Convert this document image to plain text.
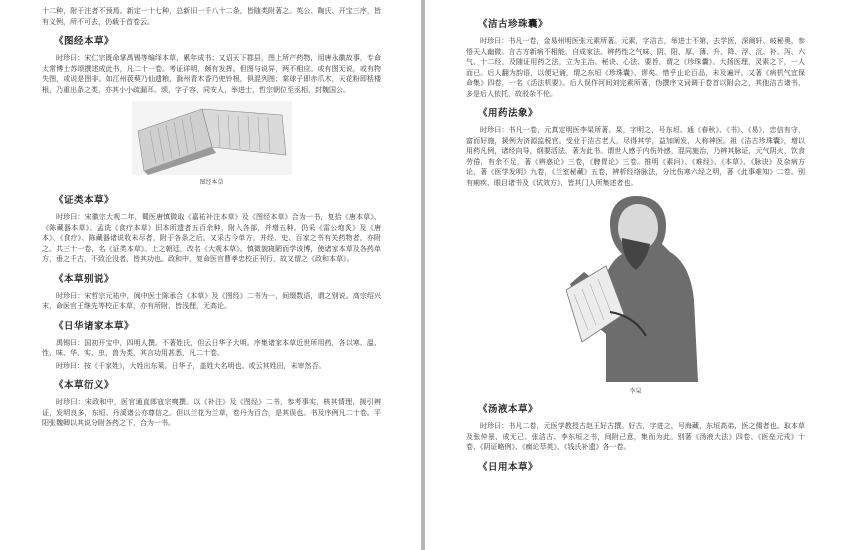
十二种，附于注者不预焉。新定一十七种，总新旧一千八十二条，皆随类附著之。英公、陶氏、开宝三序，皆有义例，所不可去，仍载于首卷云。

《图经本草》

时珍曰：宋仁宗既命掌禹锡等编绎本草，累年成书；又诏天下郡县，图上所产药物，用唐永徽故事，专命太常博士苏颂撰述成此书，凡二十一卷。考证详明，颇有发挥。但图与说异，两不相应。或有图无说，或有物失图，或说是图非。如江州菝葜乃仙遗粮，滁州青木香乃兜铃根，俱混列图；棠球子即赤爪木，天花粉即栝楼根，乃重出条之类，亦其小小疏漏耳。颂，字子容，同安人，举进士，哲宗朝位至丞相，封魏国公。

图经本草
《证类本草》

时珍曰：宋徽宗大观二年，蜀医唐慎微取《嘉祐补注本草》及《图经本草》合为一书，复拾《唐本草》、《陈藏器本草》、孟诜《食疗本草》旧本所遗者五百余种，附入各部，并增五种。仍采《雷公炮炙》及《唐本》、《食疗》、陈藏器诸说收未尽者，附于各条之后。又采古今单方，并经、史、百家之书有关药物者，亦附之。共三十一卷，名《证类本草》。上之朝廷，改名《大观本草》。慎微貌寝陋而学该博，使诸家本草及各药单方，垂之千古，不致沦没者，皆其功也。政和中，复命医官曹孝忠校正刊行，故又谓之《政和本草》。

《本草别说》

时珍曰：宋哲宗元祐中，阆中医士陈承合《本草》及《图经》二书为一，间缀数语，谓之别说。高宗绍兴末，命医官王继先等校正本草，亦有所附，皆浅俚，无高论。

《日华诸家本草》

禹锡曰：国初开宝中，四明人撰。不著姓氏，但云日华子大明。序集诸家本草近世所用药，各以寒、温、性、味、华、实、虫、兽为类，其言功用甚悉，凡二十卷。

时珍曰：按《千家姓》，大姓出东莱。日华子，盖姓大名明也。或云其姓田，未审然否。

《本草衍义》

时珍曰：宋政和中，医官通直郎寇宗奭撰。以《补注》及《图经》二书，参考事实，核其情理，援引辨证，发明良多，东垣、丹溪诸公亦尊信之。但以兰花为兰草，卷丹为百合，是其误也。书及序例凡二十卷。平阳张魏卿以其说分附各药之下，合为一书。

《洁古珍珠囊》

时珍曰：书凡一卷，金易州明医张元素所著。元素，字洁古，举进士不第，去学医，深阐轩、岐秘奥，参悟天人幽微。言古方新病不相能，自成家法。辨药性之气味、阴、阳、厚、薄、升、降、浮、沉、补、泻、六气、十二经，及随证用药之法，立为主治、秘诀、心法、要旨，谓之《珍珠囊》。大扬医理，灵素之下，一人而已。后人翻为韵语，以便记诵，谓之东垣《珍珠囊》，谬矣。惜乎止论百品，未及遍评。又著《病机气宜保命集》四卷，一名《活法机要》。后人误作河间刘完素所著，伪撰序文词调于卷首以附会之，其他洁古诸书，多是后人依托，故驳杂不伦。

《用药法象》

时珍曰：书凡一卷，元真定明医李杲所著。杲，字明之，号东垣。通《春秋》、《书》、《易》，忠信有守，富而好施，援例为济源监税官。受业于洁古老人，尽得其学，益加阐发，人称神医。祖《洁古珍珠囊》，增以用药凡例，诸经向导，纲要活法，著为此书。谓世人感于内伤外感，混同施治，乃辨其脉证，元气阴火，饮食劳倦，有余不足，著《辨惑论》三卷，《脾胃论》三卷。推明《素问》、《难经》、《本草》、《脉诀》及杂病方论，著《医学发明》九卷，《兰室秘藏》五卷，辨析经络脉法，分比伤寒六经之明，著《此事难知》二卷。别有痢疾、眼目诸书及《试效方》，皆其门人所集述者也。

李杲
《汤液本草》

时珍曰：书凡二卷，元医学教授古赵王好古撰。好古，字进之，号海藏，东垣高弟，医之儒者也。取本草及张仲景、成无己、张洁古、李东垣之书，间附己意，集而为此。别著《汤液大法》四卷、《医垒元戎》十卷、《阴证略例》、《癍论萃英》、《钱氏补遗》各一卷。

《日用本草》
